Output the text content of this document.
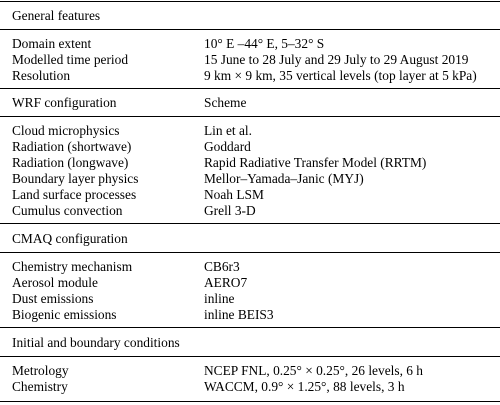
General features
Domain extent	10° E –44° E, 5–32° S
Modelled time period	15 June to 28 July and 29 July to 29 August 2019
Resolution	9 km × 9 km, 35 vertical levels (top layer at 5 kPa)
WRF configuration	Scheme
Cloud microphysics	Lin et al.
Radiation (shortwave)	Goddard
Radiation (longwave)	Rapid Radiative Transfer Model (RRTM)
Boundary layer physics	Mellor–Yamada–Janic (MYJ)
Land surface processes	Noah LSM
Cumulus convection	Grell 3-D
CMAQ configuration
Chemistry mechanism	CB6r3
Aerosol module	AERO7
Dust emissions	inline
Biogenic emissions	inline BEIS3
Initial and boundary conditions
Metrology	NCEP FNL, 0.25° × 0.25°, 26 levels, 6 h
Chemistry	WACCM, 0.9° × 1.25°, 88 levels, 3 h
